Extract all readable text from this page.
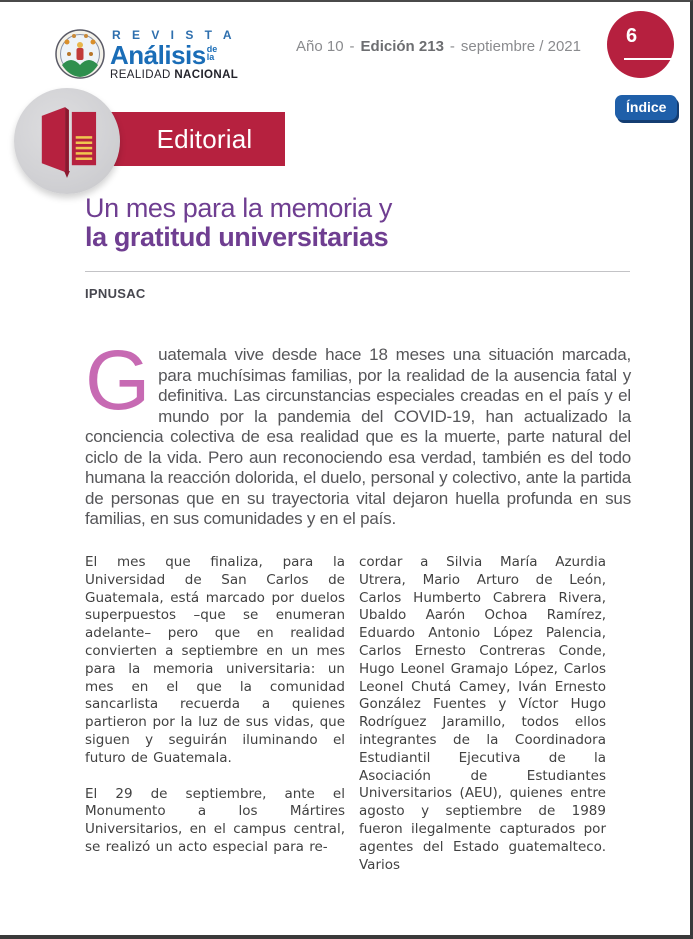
R E V I S T A
Análisis de
la
REALIDAD NACIONAL
Año 10 - Edición 213 - septiembre / 2021 6
Índice
Editorial
Un mes para la memoria y
la gratitud universitarias
IPNUSAC

Guatemala vive desde hace 18 meses una situación marcada, para muchísimas familias, por la realidad de la ausencia fatal y definitiva. Las circunstancias especiales creadas en el país y el mundo por la pandemia del COVID-19, han actualizado la conciencia colectiva de esa realidad que es la muerte, parte natural del ciclo de la vida. Pero aun reconociendo esa verdad, también es del todo humana la reacción dolorida, el duelo, personal y colectivo, ante la partida de personas que en su trayectoria vital dejaron huella profunda en sus familias, en sus comunidades y en el país.

El mes que finaliza, para la Universidad de San Carlos de Guatemala, está marcado por duelos superpuestos –que se enumeran adelante– pero que en realidad convierten a septiembre en un mes para la memoria universitaria: un mes en el que la comunidad sancarlista recuerda a quienes partieron por la luz de sus vidas, que siguen y seguirán iluminando el futuro de Guatemala.

El 29 de septiembre, ante el Monumento a los Mártires Universitarios, en el campus central, se realizó un acto especial para re-

cordar a Silvia María Azurdia Utrera, Mario Arturo de León, Carlos Humberto Cabrera Rivera, Ubaldo Aarón Ochoa Ramírez, Eduardo Antonio López Palencia, Carlos Ernesto Contreras Conde, Hugo Leonel Gramajo López, Carlos Leonel Chutá Camey, Iván Ernesto González Fuentes y Víctor Hugo Rodríguez Jaramillo, todos ellos integrantes de la Coordinadora Estudiantil Ejecutiva de la Asociación de Estudiantes Universitarios (AEU), quienes entre agosto y septiembre de 1989 fueron ilegalmente capturados por agentes del Estado guatemalteco. Varios
